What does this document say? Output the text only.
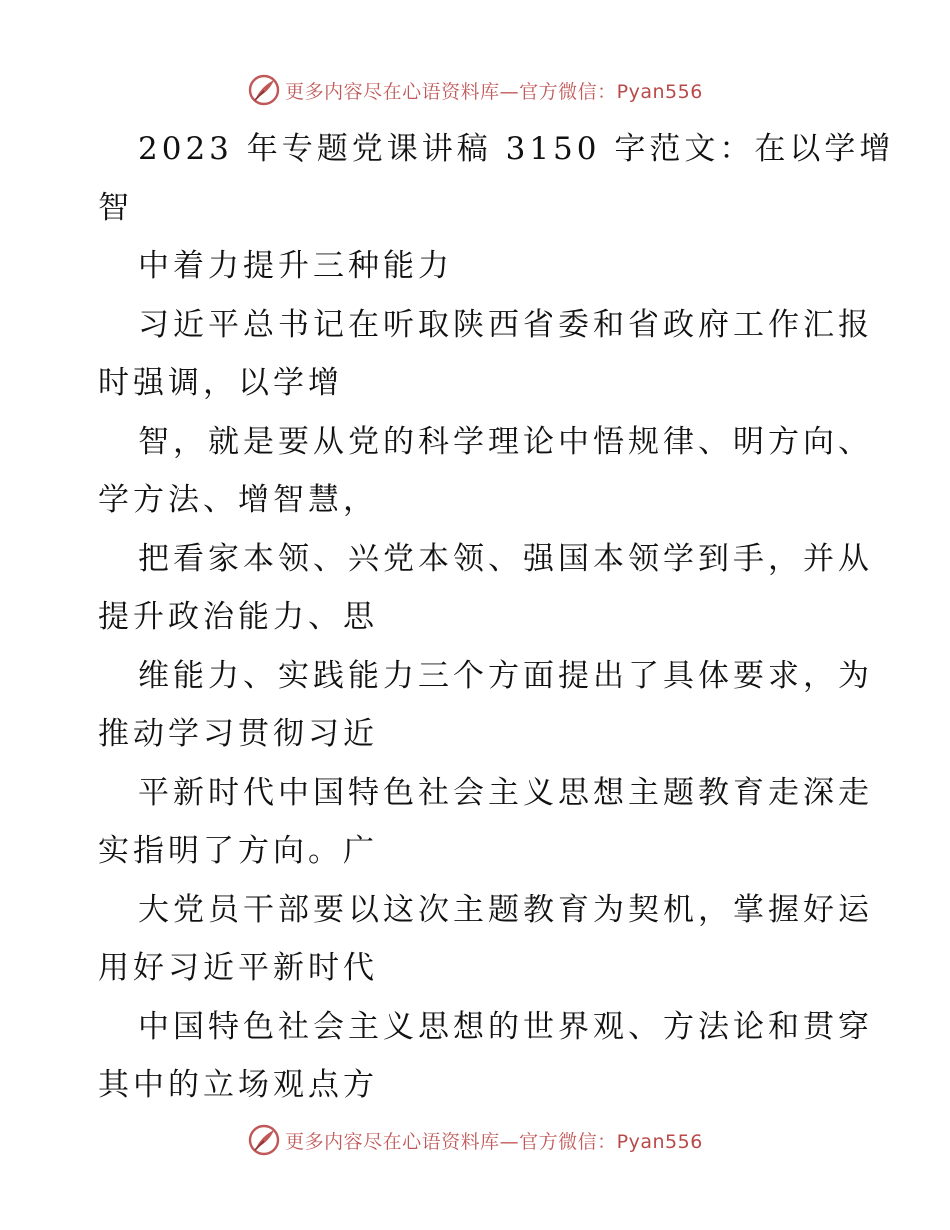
更多内容尽在心语资料库—官方微信：Pyan556
2023 年专题党课讲稿 3150 字范文：在以学增
智
中着力提升三种能力
习近平总书记在听取陕西省委和省政府工作汇报
时强调，以学增
智，就是要从党的科学理论中悟规律、明方向、
学方法、增智慧，
把看家本领、兴党本领、强国本领学到手，并从
提升政治能力、思
维能力、实践能力三个方面提出了具体要求，为
推动学习贯彻习近
平新时代中国特色社会主义思想主题教育走深走
实指明了方向。广
大党员干部要以这次主题教育为契机，掌握好运
用好习近平新时代
中国特色社会主义思想的世界观、方法论和贯穿
其中的立场观点方
更多内容尽在心语资料库—官方微信：Pyan556
